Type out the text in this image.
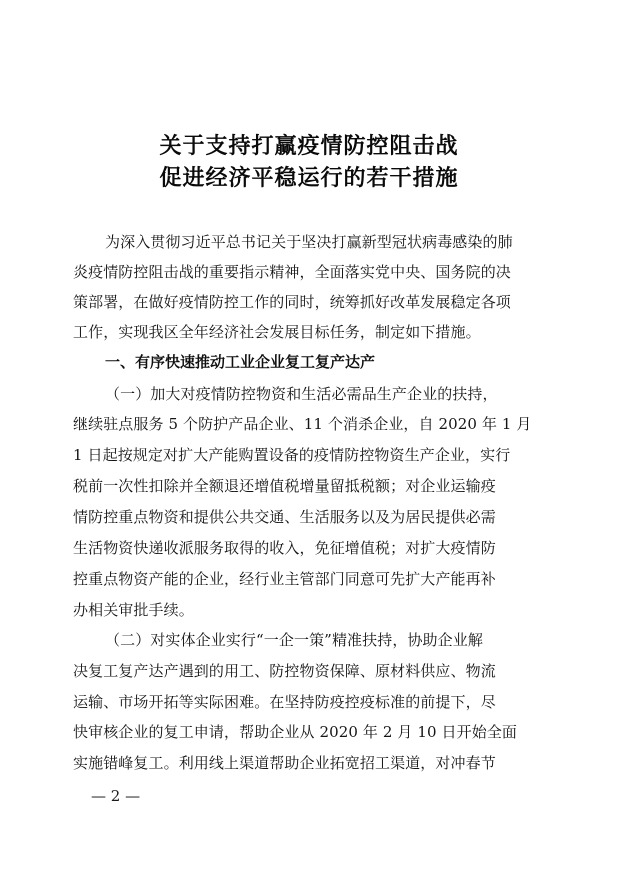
关于支持打赢疫情防控阻击战
促进经济平稳运行的若干措施
为深入贯彻习近平总书记关于坚决打赢新型冠状病毒感染的肺
炎疫情防控阻击战的重要指示精神，全面落实党中央、国务院的决
策部署，在做好疫情防控工作的同时，统筹抓好改革发展稳定各项
工作，实现我区全年经济社会发展目标任务，制定如下措施。
一、有序快速推动工业企业复工复产达产
（一）加大对疫情防控物资和生活必需品生产企业的扶持，
继续驻点服务 5 个防护产品企业、11 个消杀企业，自 2020 年 1 月
1 日起按规定对扩大产能购置设备的疫情防控物资生产企业，实行
税前一次性扣除并全额退还增值税增量留抵税额；对企业运输疫
情防控重点物资和提供公共交通、生活服务以及为居民提供必需
生活物资快递收派服务取得的收入，免征增值税；对扩大疫情防
控重点物资产能的企业，经行业主管部门同意可先扩大产能再补
办相关审批手续。
（二）对实体企业实行“一企一策”精准扶持，协助企业解
决复工复产达产遇到的用工、防控物资保障、原材料供应、物流
运输、市场开拓等实际困难。在坚持防疫控疫标准的前提下，尽
快审核企业的复工申请，帮助企业从 2020 年 2 月 10 日开始全面
实施错峰复工。利用线上渠道帮助企业拓宽招工渠道，对冲春节
— 2 —
